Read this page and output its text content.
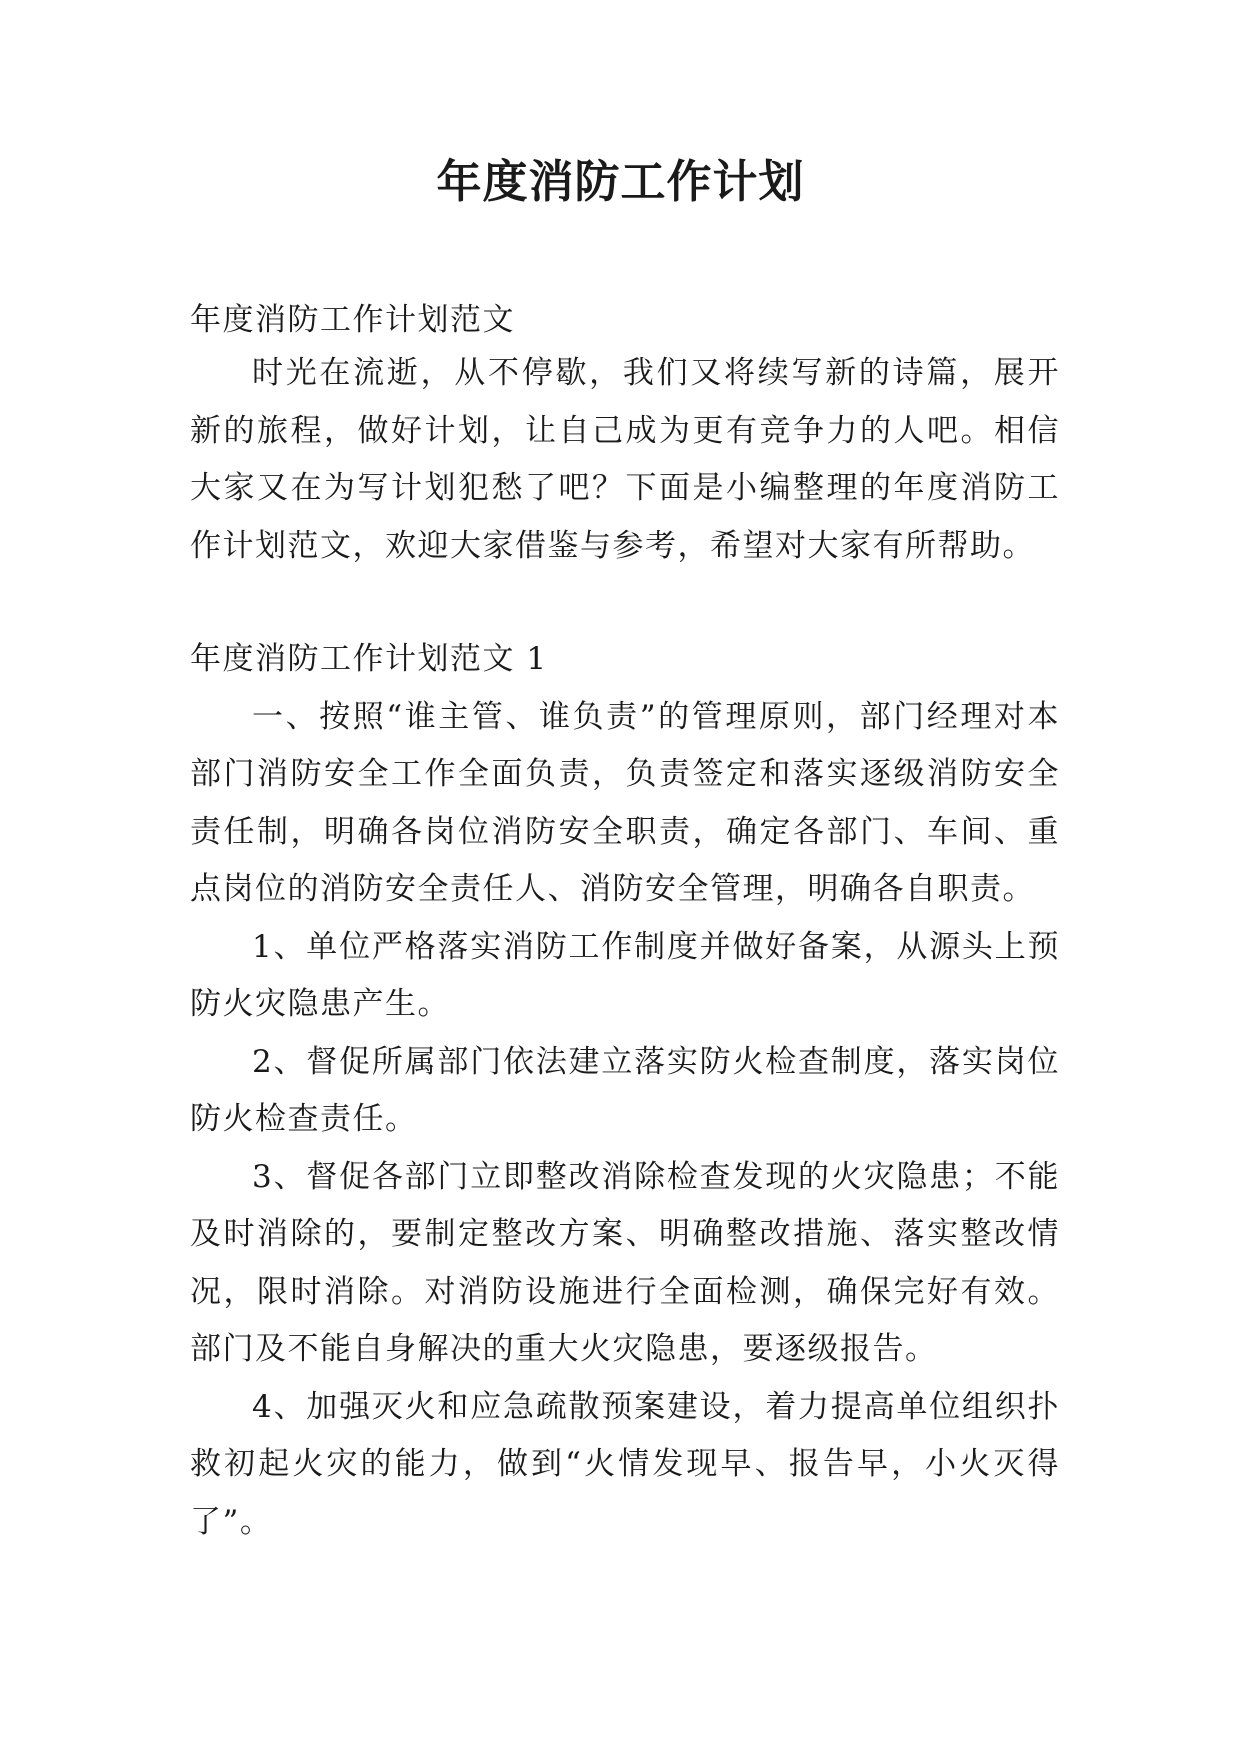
年度消防工作计划

年度消防工作计划范文

时光在流逝，从不停歇，我们又将续写新的诗篇，展开新的旅程，做好计划，让自己成为更有竞争力的人吧。相信大家又在为写计划犯愁了吧？下面是小编整理的年度消防工作计划范文，欢迎大家借鉴与参考，希望对大家有所帮助。

年度消防工作计划范文 1

一、按照“谁主管、谁负责”的管理原则，部门经理对本部门消防安全工作全面负责，负责签定和落实逐级消防安全责任制，明确各岗位消防安全职责，确定各部门、车间、重点岗位的消防安全责任人、消防安全管理，明确各自职责。

1、单位严格落实消防工作制度并做好备案，从源头上预防火灾隐患产生。

2、督促所属部门依法建立落实防火检查制度，落实岗位防火检查责任。

3、督促各部门立即整改消除检查发现的火灾隐患；不能及时消除的，要制定整改方案、明确整改措施、落实整改情况，限时消除。对消防设施进行全面检测，确保完好有效。部门及不能自身解决的重大火灾隐患，要逐级报告。

4、加强灭火和应急疏散预案建设，着力提高单位组织扑救初起火灾的能力，做到“火情发现早、报告早，小火灭得了”。
